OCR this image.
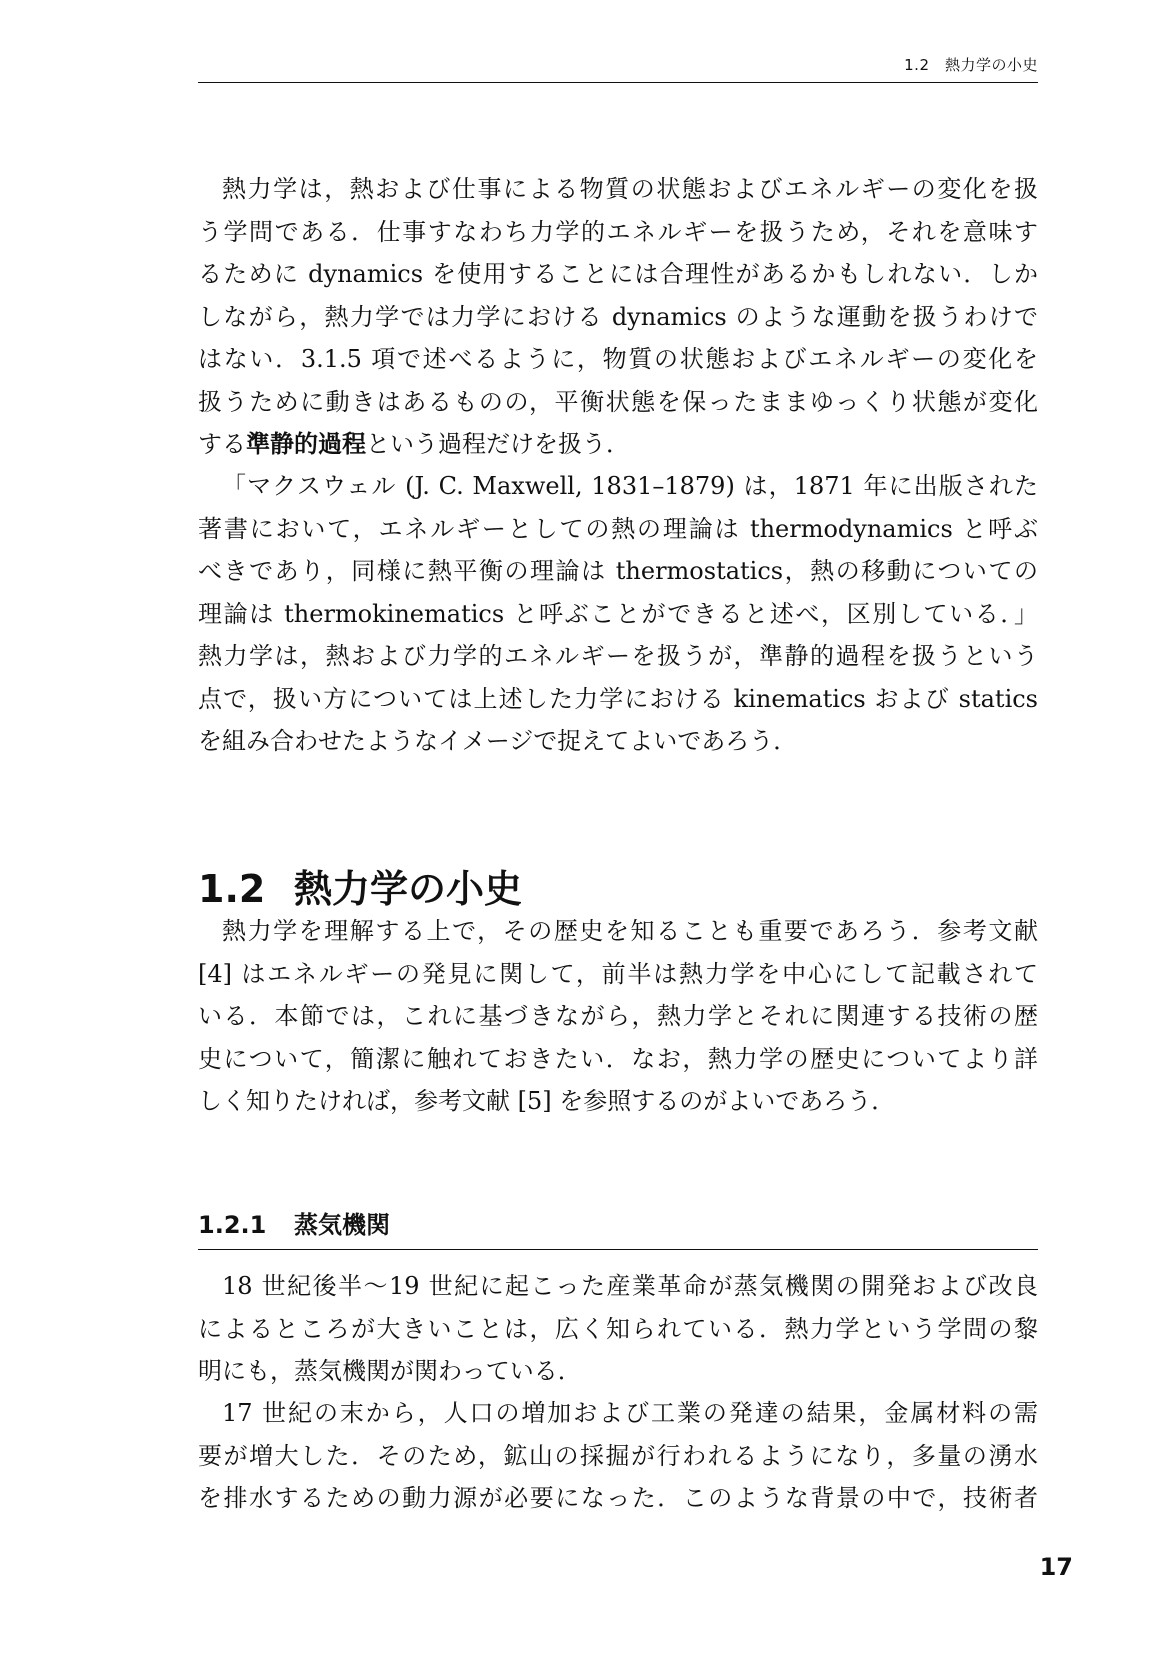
1.2　熱力学の小史

熱力学は，熱および仕事による物質の状態およびエネルギーの変化を扱
う学問である．仕事すなわち力学的エネルギーを扱うため，それを意味す
るために dynamics を使用することには合理性があるかもしれない．しか
しながら，熱力学では力学における dynamics のような運動を扱うわけで
はない．3.1.5 項で述べるように，物質の状態およびエネルギーの変化を
扱うために動きはあるものの，平衡状態を保ったままゆっくり状態が変化
する準静的過程という過程だけを扱う．

「マクスウェル (J. C. Maxwell, 1831–1879) は，1871 年に出版された
著書において，エネルギーとしての熱の理論は thermodynamics と呼ぶ
べきであり，同様に熱平衡の理論は thermostatics，熱の移動についての
理論は thermokinematics と呼ぶことができると述べ，区別している．」
熱力学は，熱および力学的エネルギーを扱うが，準静的過程を扱うという
点で，扱い方については上述した力学における kinematics および statics
を組み合わせたようなイメージで捉えてよいであろう．

1.2 熱力学の小史

熱力学を理解する上で，その歴史を知ることも重要であろう．参考文献
[4] はエネルギーの発見に関して，前半は熱力学を中心にして記載されて
いる．本節では，これに基づきながら，熱力学とそれに関連する技術の歴
史について，簡潔に触れておきたい．なお，熱力学の歴史についてより詳
しく知りたければ，参考文献 [5] を参照するのがよいであろう．

1.2.1 蒸気機関

18 世紀後半〜19 世紀に起こった産業革命が蒸気機関の開発および改良
によるところが大きいことは，広く知られている．熱力学という学問の黎
明にも，蒸気機関が関わっている．

17 世紀の末から，人口の増加および工業の発達の結果，金属材料の需
要が増大した．そのため，鉱山の採掘が行われるようになり，多量の湧水
を排水するための動力源が必要になった．このような背景の中で，技術者

17
